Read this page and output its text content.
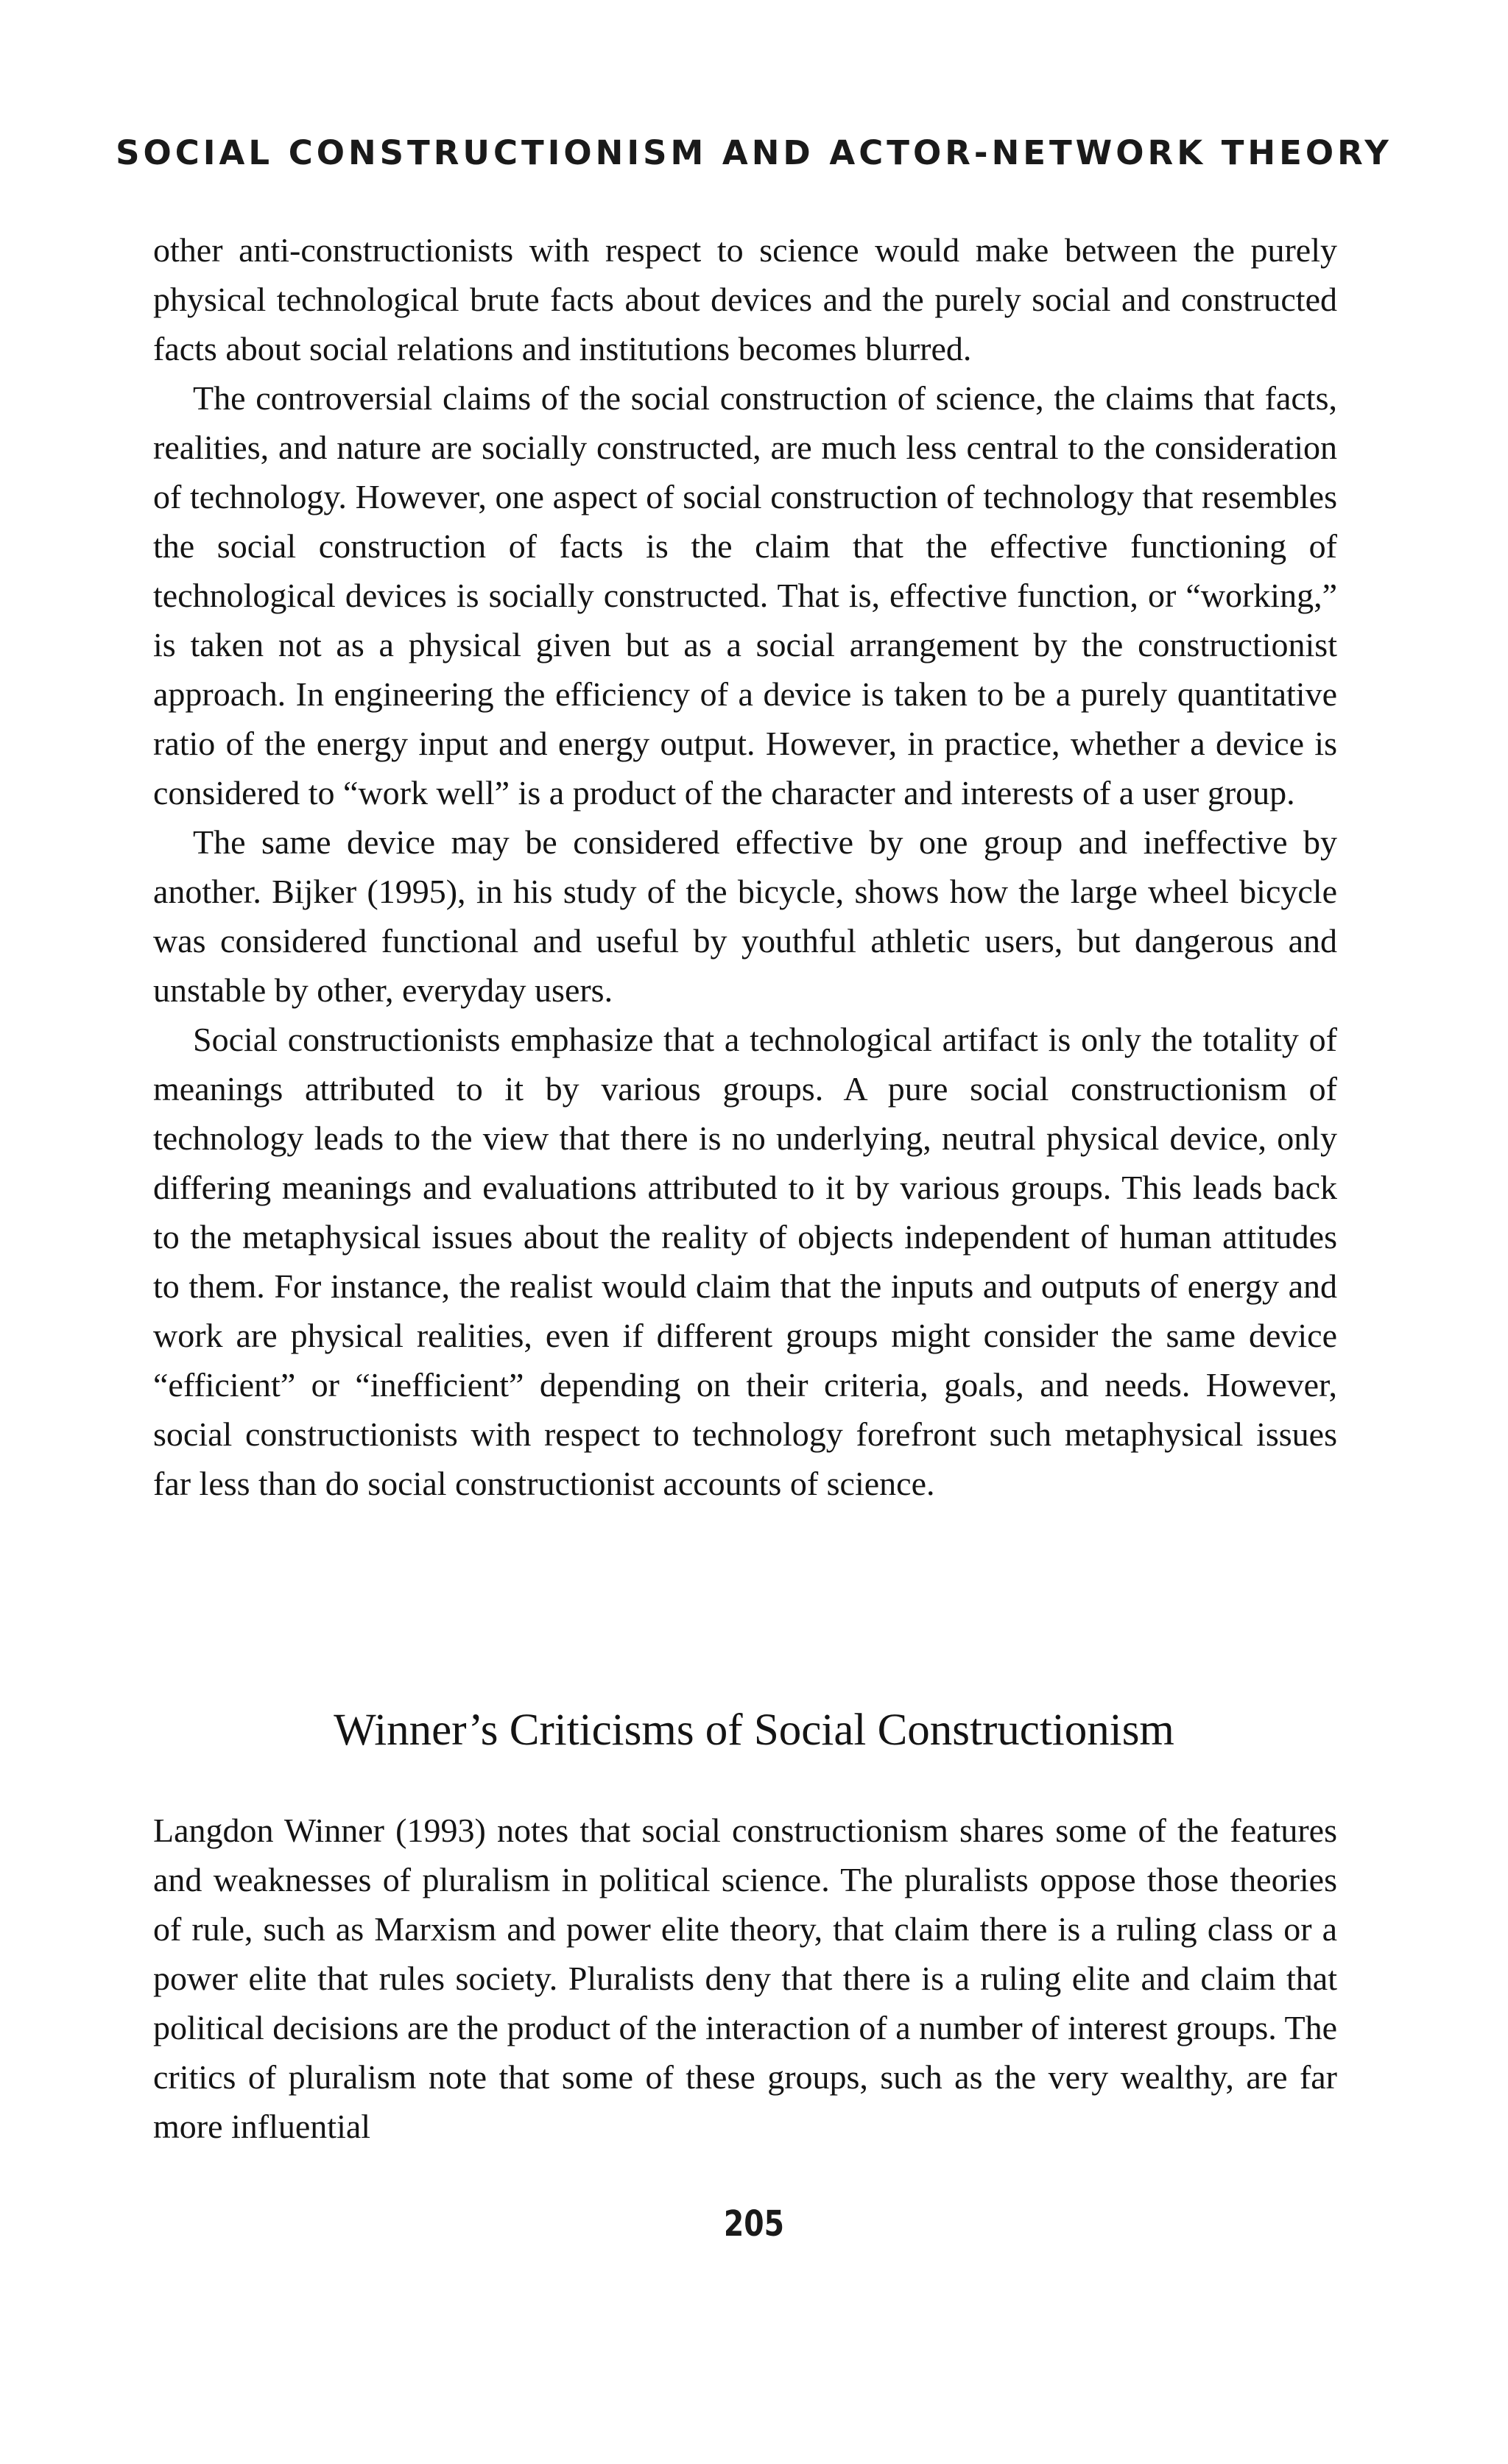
SOCIAL CONSTRUCTIONISM AND ACTOR-NETWORK THEORY

other anti-constructionists with respect to science would make between the purely physical technological brute facts about devices and the purely social and constructed facts about social relations and institutions becomes blurred.

The controversial claims of the social construction of science, the claims that facts, realities, and nature are socially constructed, are much less central to the consideration of technology. However, one aspect of social construction of technology that resembles the social construction of facts is the claim that the effective functioning of technological devices is socially constructed. That is, effective function, or “working,” is taken not as a physical given but as a social arrangement by the constructionist approach. In engineering the efficiency of a device is taken to be a purely quantitative ratio of the energy input and energy output. However, in practice, whether a device is considered to “work well” is a product of the character and interests of a user group.

The same device may be considered effective by one group and ineffective by another. Bijker (1995), in his study of the bicycle, shows how the large wheel bicycle was considered functional and useful by youthful athletic users, but dangerous and unstable by other, everyday users.

Social constructionists emphasize that a technological artifact is only the totality of meanings attributed to it by various groups. A pure social constructionism of technology leads to the view that there is no underlying, neutral physical device, only differing meanings and evaluations attributed to it by various groups. This leads back to the metaphysical issues about the reality of objects independent of human attitudes to them. For instance, the realist would claim that the inputs and outputs of energy and work are physical realities, even if different groups might consider the same device “efficient” or “inefficient” depending on their criteria, goals, and needs. However, social constructionists with respect to technology forefront such metaphysical issues far less than do social constructionist accounts of science.

Winner’s Criticisms of Social Constructionism

Langdon Winner (1993) notes that social constructionism shares some of the features and weaknesses of pluralism in political science. The pluralists oppose those theories of rule, such as Marxism and power elite theory, that claim there is a ruling class or a power elite that rules society. Pluralists deny that there is a ruling elite and claim that political decisions are the product of the interaction of a number of interest groups. The critics of pluralism note that some of these groups, such as the very wealthy, are far more influential

205
